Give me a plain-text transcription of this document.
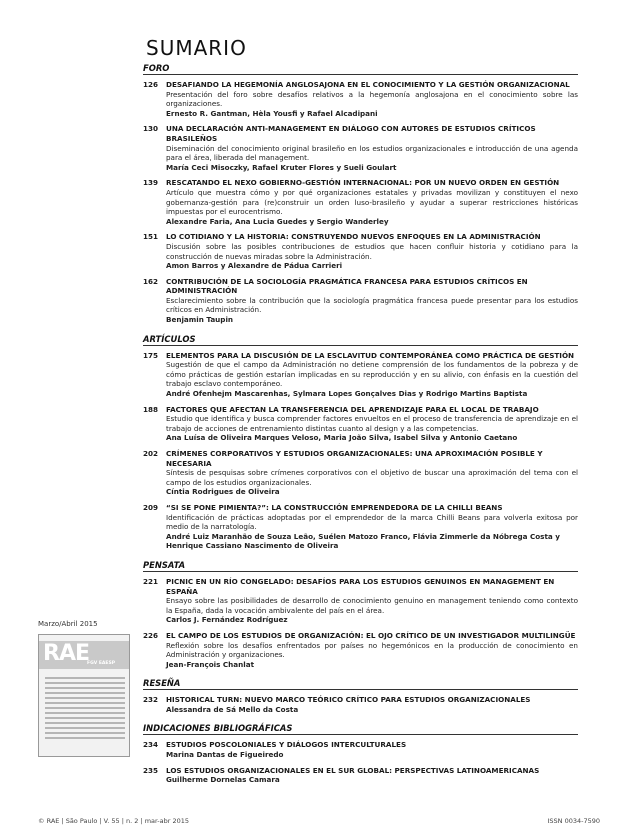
SUMARIO
FORO
126	DESAFIANDO LA HEGEMONÍA ANGLOSAJONA EN EL CONOCIMIENTO Y LA GESTIÓN ORGANIZACIONAL
Presentación del foro sobre desafíos relativos a la hegemonía anglosajona en el conocimiento sobre las organizaciones.
Ernesto R. Gantman, Hèla Yousfi y Rafael Alcadipani
130	UNA DECLARACIÓN ANTI-MANAGEMENT EN DIÁLOGO CON AUTORES DE ESTUDIOS CRÍTICOS BRASILEÑOS
Diseminación del conocimiento original brasileño en los estudios organizacionales e introducción de una agenda para el área, liberada del management.
María Ceci Misoczky, Rafael Kruter Flores y Sueli Goulart
139	RESCATANDO EL NEXO GOBIERNO-GESTIÓN INTERNACIONAL: POR UN NUEVO ORDEN EN GESTIÓN
Artículo que muestra cómo y por qué organizaciones estatales y privadas movilizan y constituyen el nexo gobernanza-gestión para (re)construir un orden luso-brasileño y ayudar a superar restricciones históricas impuestas por el eurocentrismo.
Alexandre Faria, Ana Lucia Guedes y Sergio Wanderley
151	LO COTIDIANO Y LA HISTORIA: CONSTRUYENDO NUEVOS ENFOQUES EN LA ADMINISTRACIÓN
Discusión sobre las posibles contribuciones de estudios que hacen confluir historia y cotidiano para la construcción de nuevas miradas sobre la Administración.
Amon Barros y Alexandre de Pádua Carrieri
162	CONTRIBUCIÓN DE LA SOCIOLOGÍA PRAGMÁTICA FRANCESA PARA ESTUDIOS CRÍTICOS EN ADMINISTRACIÓN
Esclarecimiento sobre la contribución que la sociología pragmática francesa puede presentar para los estudios críticos en Administración.
Benjamin Taupin
ARTÍCULOS
175	ELEMENTOS PARA LA DISCUSIÓN DE LA ESCLAVITUD CONTEMPORÁNEA COMO PRÁCTICA DE GESTIÓN
Sugestión de que el campo da Administración no detiene comprensión de los fundamentos de la pobreza y de cómo prácticas de gestión estarían implicadas en su reproducción y en su alivio, con énfasis en la cuestión del trabajo esclavo contemporáneo.
André Ofenhejm Mascarenhas, Sylmara Lopes Gonçalves Dias y Rodrigo Martins Baptista
188	FACTORES QUE AFECTAN LA TRANSFERENCIA DEL APRENDIZAJE PARA EL LOCAL DE TRABAJO
Estudio que identifica y busca comprender factores envueltos en el proceso de transferencia de aprendizaje en el trabajo de acciones de entrenamiento distintas cuanto al design y a las competencias.
Ana Luísa de Oliveira Marques Veloso, Maria João Silva, Isabel Silva y Antonio Caetano
202	CRÍMENES CORPORATIVOS Y ESTUDIOS ORGANIZACIONALES: UNA APROXIMACIÓN POSIBLE Y NECESARIA
Síntesis de pesquisas sobre crímenes corporativos con el objetivo de buscar una aproximación del tema con el campo de los estudios organizacionales.
Cíntia Rodrigues de Oliveira
209	“SI SE PONE PIMIENTA?”: LA CONSTRUCCIÓN EMPRENDEDORA DE LA CHILLI BEANS
Identificación de prácticas adoptadas por el emprendedor de la marca Chilli Beans para volverla exitosa por medio de la narratología.
André Luiz Maranhão de Souza Leão, Suélen Matozo Franco, Flávia Zimmerle da Nóbrega Costa y Henrique Cassiano Nascimento de Oliveira
PENSATA
221	PICNIC EN UN RÍO CONGELADO: DESAFÍOS PARA LOS ESTUDIOS GENUINOS EN MANAGEMENT EN ESPAÑA
Ensayo sobre las posibilidades de desarrollo de conocimiento genuino en management teniendo como contexto la España, dada la vocación ambivalente del país en el área.
Carlos J. Fernández Rodríguez
226	EL CAMPO DE LOS ESTUDIOS DE ORGANIZACIÓN: EL OJO CRÍTICO DE UN INVESTIGADOR MULTILINGÜE
Reflexión sobre los desafíos enfrentados por países no hegemónicos en la producción de conocimiento en Administración y organizaciones.
Jean-François Chanlat
RESEÑA
232	HISTORICAL TURN: NUEVO MARCO TEÓRICO CRÍTICO PARA ESTUDIOS ORGANIZACIONALES
Alessandra de Sá Mello da Costa
INDICACIONES BIBLIOGRÁFICAS
234	ESTUDIOS POSCOLONIALES Y DIÁLOGOS INTERCULTURALES
Marina Dantas de Figueiredo
235	LOS ESTUDIOS ORGANIZACIONALES EN EL SUR GLOBAL: PERSPECTIVAS LATINOAMERICANAS
Guilherme Dornelas Camara
Marzo/Abril 2015
RAE
FGV EAESP
© RAE | São Paulo | V. 55 | n. 2 | mar-abr 2015	ISSN 0034-7590
